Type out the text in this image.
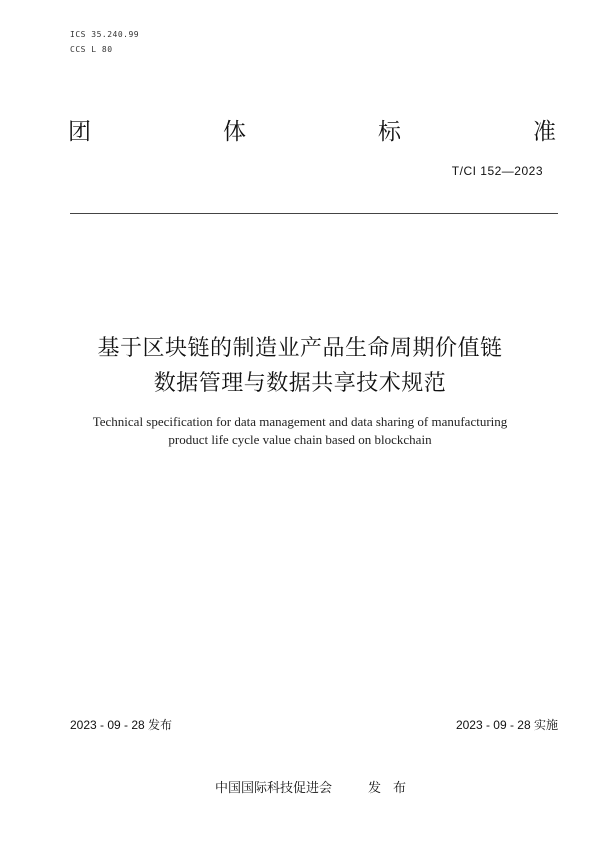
ICS 35.240.99
CCS L 80
团	体	标	准
T/CI 152—2023
基于区块链的制造业产品生命周期价值链
数据管理与数据共享技术规范
Technical specification for data management and data sharing of manufacturing
product life cycle value chain based on blockchain
2023 - 09 - 28 发布	2023 - 09 - 28 实施
中国国际科技促进会	发布
